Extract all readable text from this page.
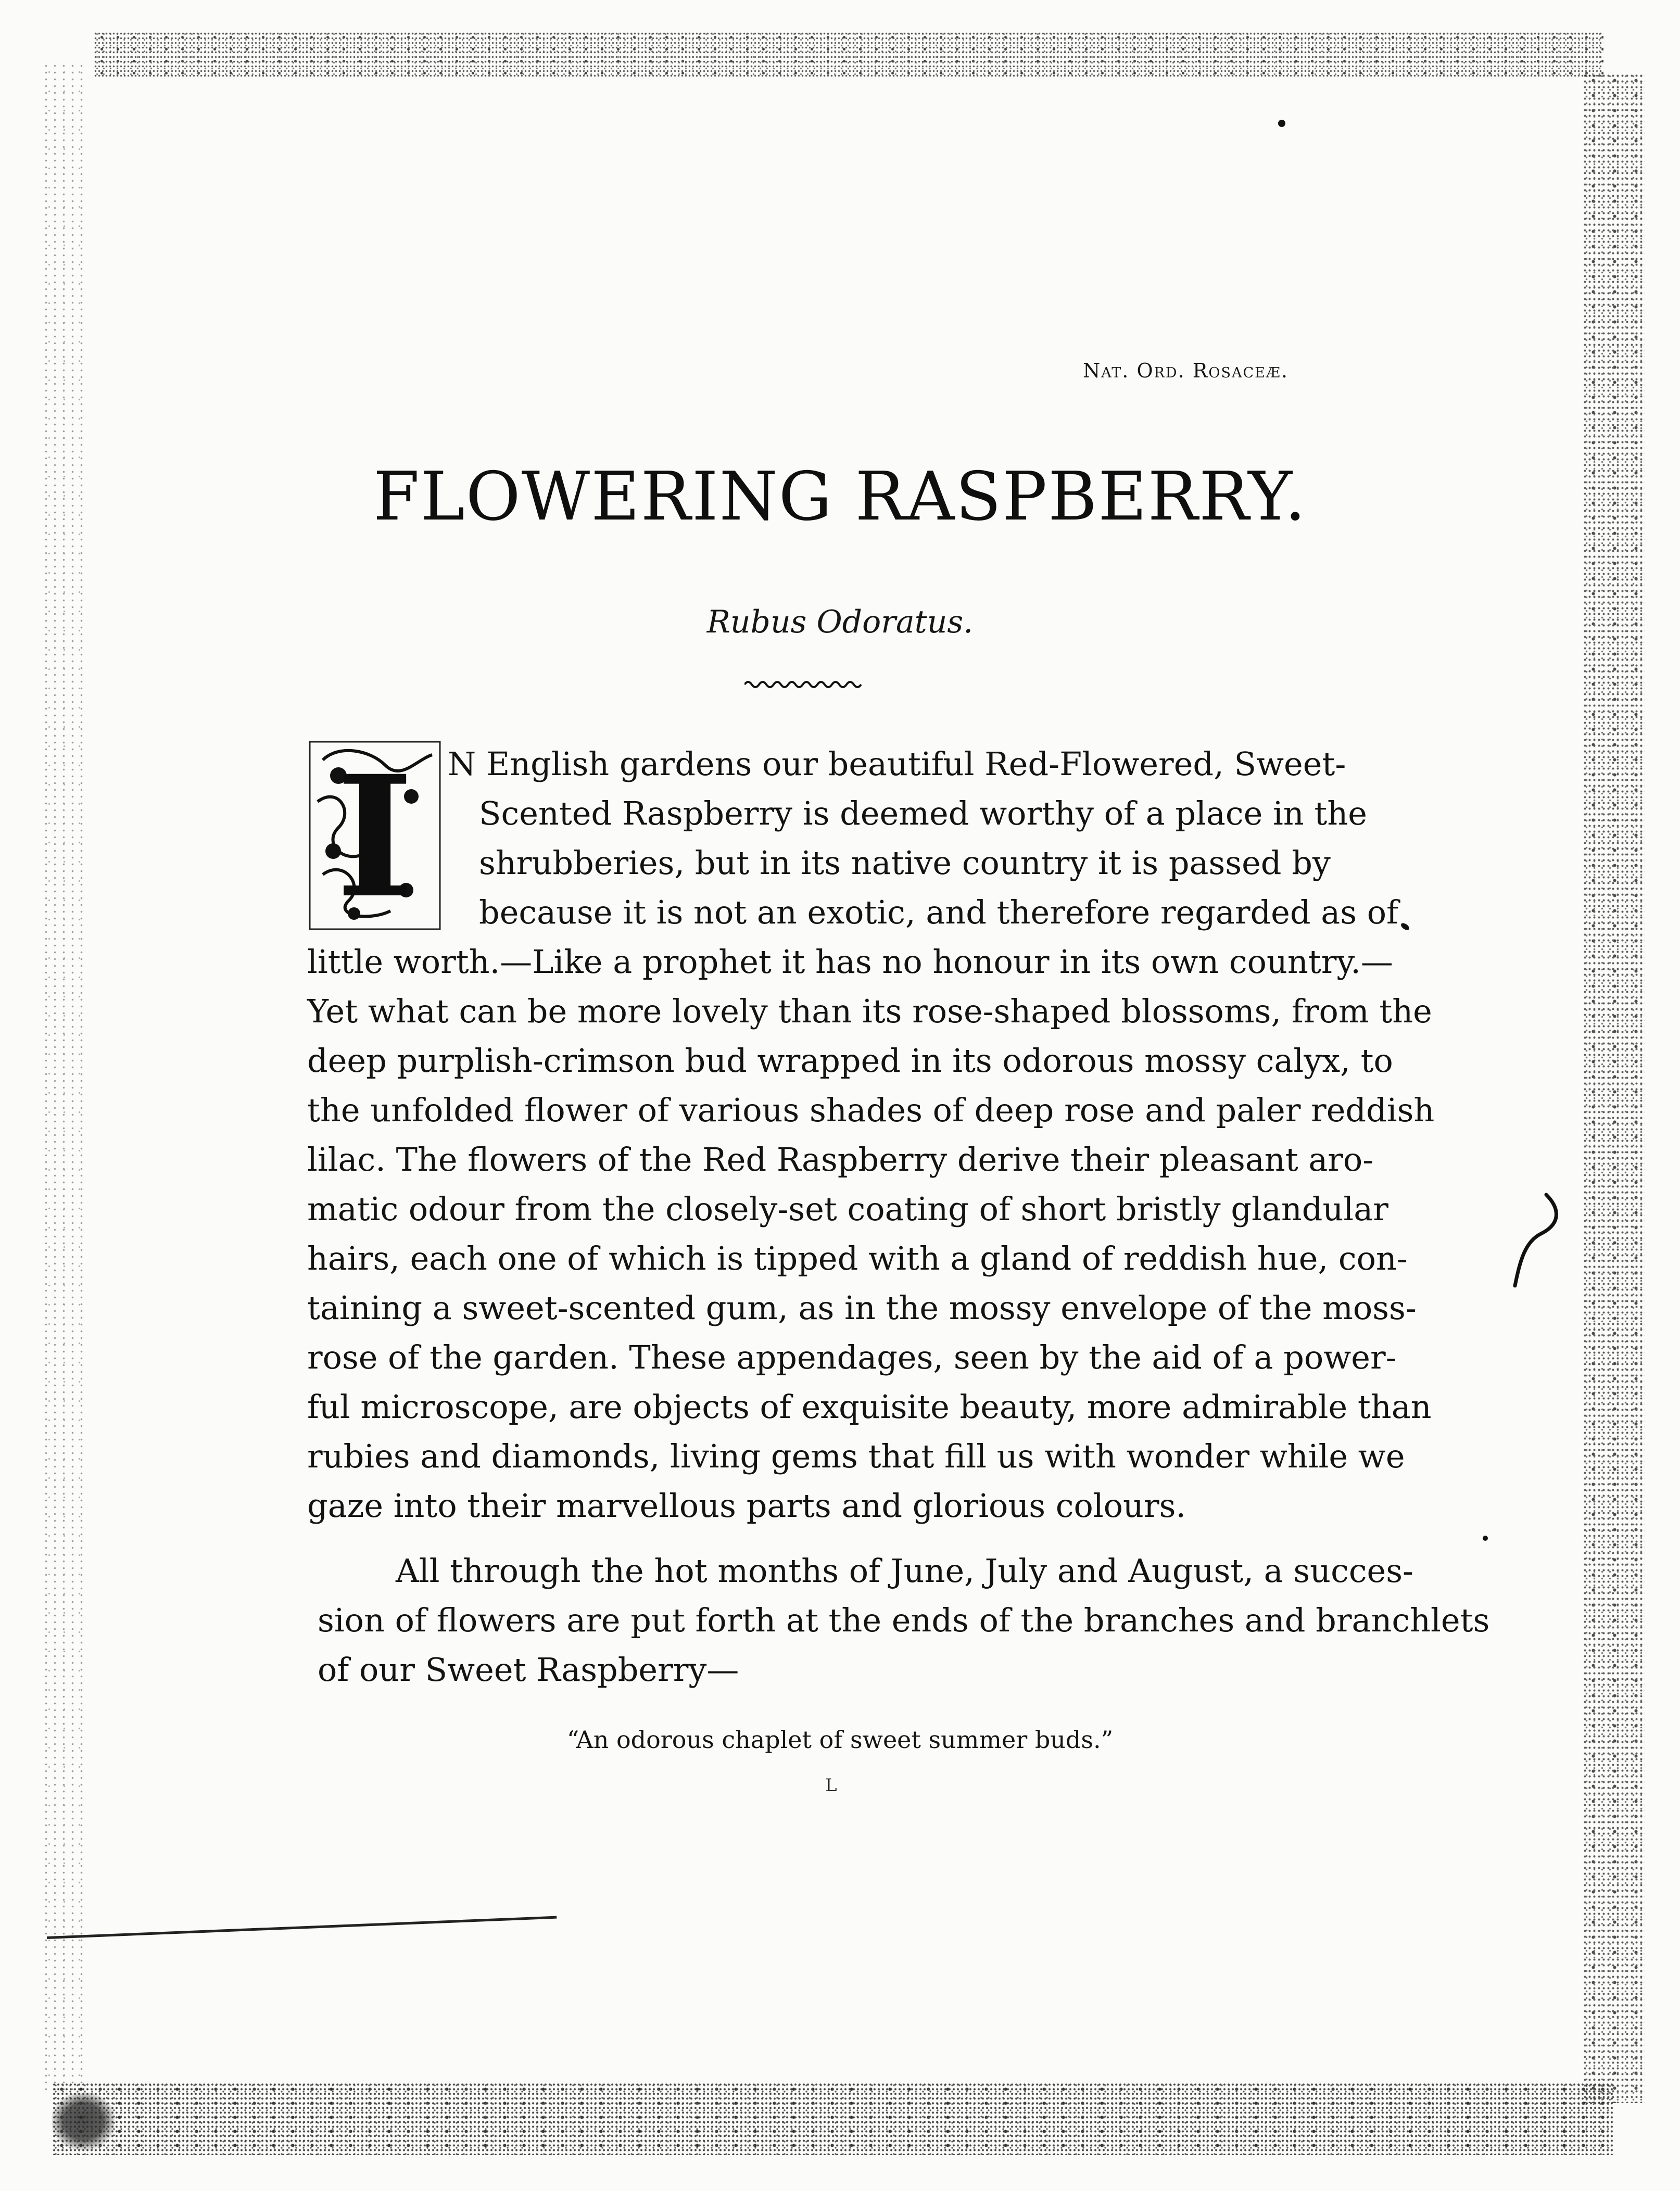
Nat. Ord. Rosaceæ.
FLOWERING RASPBERRY.
Rubus Odoratus.
I N English gardens our beautiful Red-Flowered, Sweet-
Scented Raspberry is deemed worthy of a place in the
shrubberies, but in its native country it is passed by
because it is not an exotic, and therefore regarded as of
little worth.—Like a prophet it has no honour in its own country.—
Yet what can be more lovely than its rose-shaped blossoms, from the
deep purplish-crimson bud wrapped in its odorous mossy calyx, to
the unfolded flower of various shades of deep rose and paler reddish
lilac. The flowers of the Red Raspberry derive their pleasant aro-
matic odour from the closely-set coating of short bristly glandular
hairs, each one of which is tipped with a gland of reddish hue, con-
taining a sweet-scented gum, as in the mossy envelope of the moss-
rose of the garden. These appendages, seen by the aid of a power-
ful microscope, are objects of exquisite beauty, more admirable than
rubies and diamonds, living gems that fill us with wonder while we
gaze into their marvellous parts and glorious colours.
All through the hot months of June, July and August, a succes-
sion of flowers are put forth at the ends of the branches and branchlets
of our Sweet Raspberry—
“An odorous chaplet of sweet summer buds.”
L
